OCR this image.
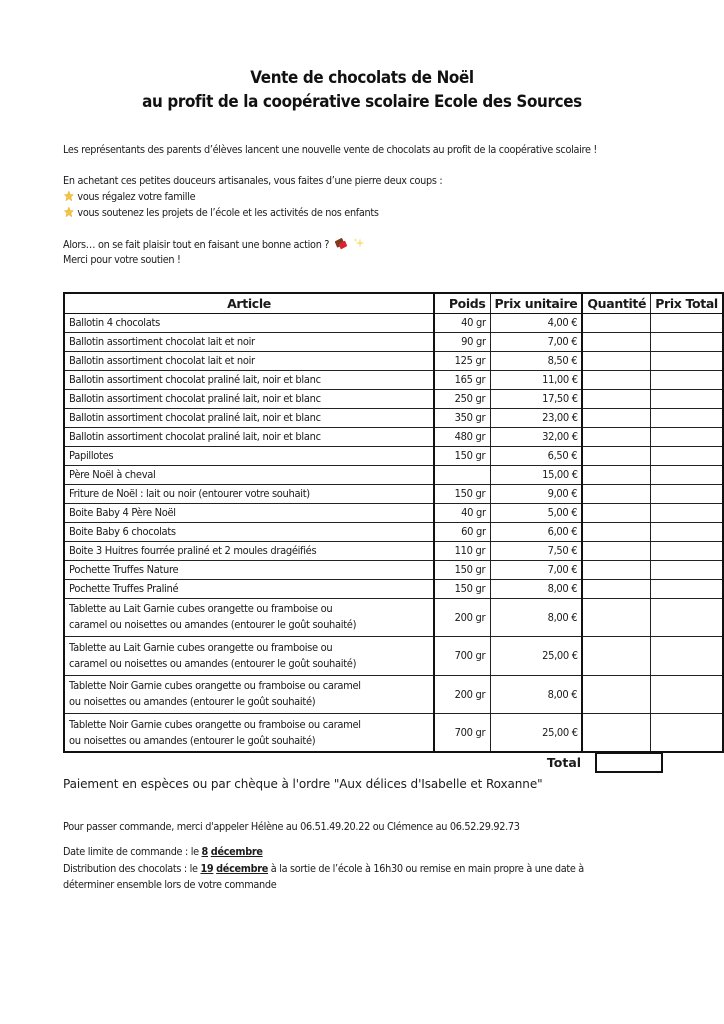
Vente de chocolats de Noël
au profit de la coopérative scolaire Ecole des Sources
Les représentants des parents d’élèves lancent une nouvelle vente de chocolats au profit de la coopérative scolaire !
En achetant ces petites douceurs artisanales, vous faites d’une pierre deux coups :
vous régalez votre famille
vous soutenez les projets de l’école et les activités de nos enfants
Alors… on se fait plaisir tout en faisant une bonne action ?
Merci pour votre soutien !
Article	Poids	Prix unitaire	Quantité	Prix Total
Ballotin 4 chocolats	40 gr	4,00 €		
Ballotin assortiment chocolat lait et noir	90 gr	7,00 €		
Ballotin assortiment chocolat lait et noir	125 gr	8,50 €		
Ballotin assortiment chocolat praliné lait, noir et blanc	165 gr	11,00 €		
Ballotin assortiment chocolat praliné lait, noir et blanc	250 gr	17,50 €		
Ballotin assortiment chocolat praliné lait, noir et blanc	350 gr	23,00 €		
Ballotin assortiment chocolat praliné lait, noir et blanc	480 gr	32,00 €		
Papillotes	150 gr	6,50 €		
Père Noël à cheval		15,00 €		
Friture de Noël : lait ou noir (entourer votre souhait)	150 gr	9,00 €		
Boite Baby 4 Père Noël	40 gr	5,00 €		
Boite Baby 6 chocolats	60 gr	6,00 €		
Boite 3 Huitres fourrée praliné et 2 moules dragéifiés	110 gr	7,50 €		
Pochette Truffes Nature	150 gr	7,00 €		
Pochette Truffes Praliné	150 gr	8,00 €		

Tablette au Lait Garnie cubes orangette ou framboise ou
caramel ou noisettes ou amandes (entourer le goût souhaité)	200 gr	8,00 €		

Tablette au Lait Garnie cubes orangette ou framboise ou
caramel ou noisettes ou amandes (entourer le goût souhaité)	700 gr	25,00 €		

Tablette Noir Garnie cubes orangette ou framboise ou caramel
ou noisettes ou amandes (entourer le goût souhaité)	200 gr	8,00 €		

Tablette Noir Garnie cubes orangette ou framboise ou caramel
ou noisettes ou amandes (entourer le goût souhaité)	700 gr	25,00 €		
Total
Paiement en espèces ou par chèque à l'ordre "Aux délices d'Isabelle et Roxanne"
Pour passer commande, merci d'appeler Hélène au 06.51.49.20.22 ou Clémence au 06.52.29.92.73
Date limite de commande : le 8 décembre
Distribution des chocolats : le 19 décembre à la sortie de l’école à 16h30 ou remise en main propre à une date à
déterminer ensemble lors de votre commande
